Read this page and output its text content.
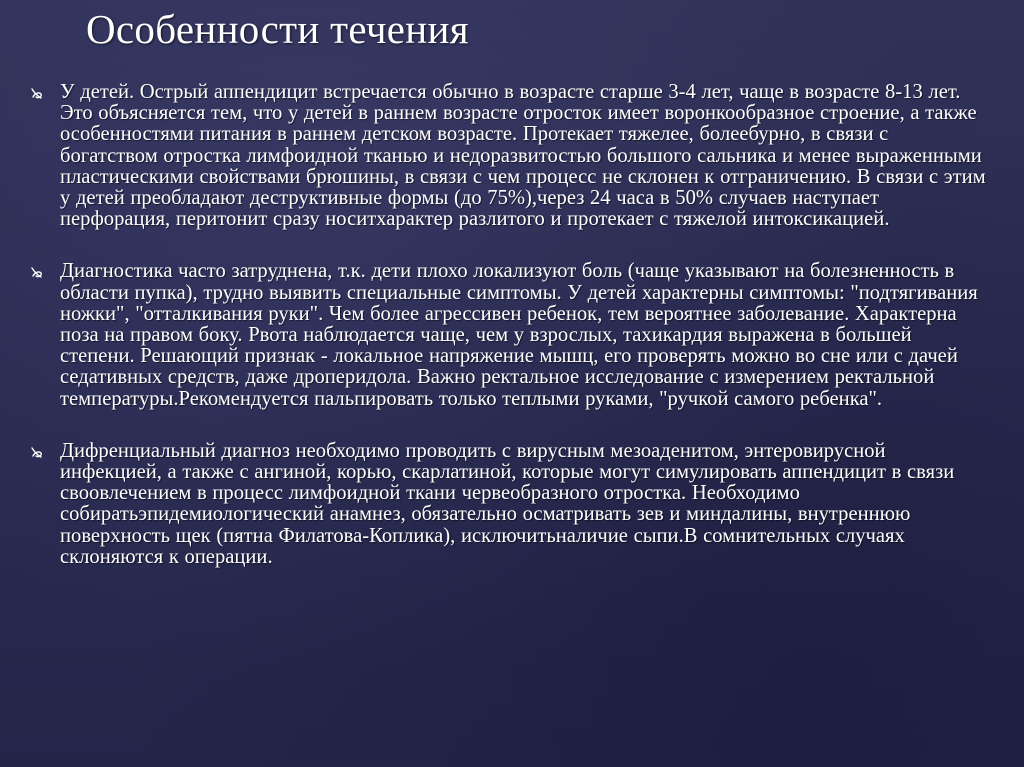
Особенности течения

У детей. Острый аппендицит встречается обычно в возрасте старше 3-4 лет, чаще в возрасте 8-13 лет. Это объясняется тем, что у детей в раннем возрасте отросток имеет воронкообразное строение, а также особенностями питания в раннем детском возрасте. Протекает тяжелее, болеебурно, в связи с богатством отростка лимфоидной тканью и недоразвитостью большого сальника и менее выраженными пластическими свойствами брюшины, в связи с чем процесс не склонен к отграничению. В связи с этим у детей преобладают деструктивные формы (до 75%),через 24 часа в 50% случаев наступает перфорация, перитонит сразу носитхарактер разлитого и протекает с тяжелой интоксикацией.

Диагностика часто затруднена, т.к. дети плохо локализуют боль (чаще указывают на болезненность в области пупка), трудно выявить специальные симптомы. У детей характерны симптомы: "подтягивания ножки", "отталкивания руки". Чем более агрессивен ребенок, тем вероятнее заболевание. Характерна поза на правом боку. Рвота наблюдается чаще, чем у взрослых, тахикардия выражена в большей степени. Решающий признак - локальное напряжение мышц, его проверять можно во сне или с дачей седативных средств, даже дроперидола. Важно ректальное исследование с измерением ректальной температуры.Рекомендуется пальпировать только теплыми руками, "ручкой самого ребенка".

Дифренциальный диагноз необходимо проводить с вирусным мезоаденитом, энтеровирусной инфекцией, а также с ангиной, корью, скарлатиной, которые могут симулировать аппендицит в связи своовлечением в процесс лимфоидной ткани червеобразного отростка. Необходимо собиратьэпидемиологический анамнез, обязательно осматривать зев и миндалины, внутреннюю поверхность щек (пятна Филатова-Коплика), исключитьналичие сыпи.В сомнительных случаях склоняются к операции.
